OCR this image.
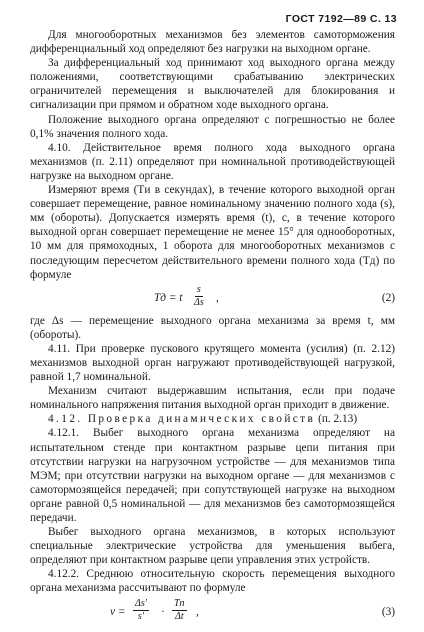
ГОСТ 7192—89 С. 13

Для многооборотных механизмов без элементов самоторможения дифференциальный ход определяют без нагрузки на выходном органе.

За дифференциальный ход принимают ход выходного органа между положениями, соответствующими срабатыванию электрических ограничителей перемещения и выключателей для блокирования и сигнализации при прямом и обратном ходе выходного органа.

Положение выходного органа определяют с погрешностью не более 0,1% значения полного хода.

4.10. Действительное время полного хода выходного органа механизмов (п. 2.11) определяют при номинальной противодействующей нагрузке на выходном органе.

Измеряют время (Tи в секундах), в течение которого выходной орган совершает перемещение, равное номинальному значению полного хода (s), мм (обороты). Допускается измерять время (t), с, в течение которого выходной орган совершает перемещение не менее 15° для однооборотных, 10 мм для прямоходных, 1 оборота для многооборотных механизмов с последующим пересчетом действительного времени полного хода (Tд) по формуле

Tд = t $\frac{s}{\Delta s}$ ,	(2)

где Δs — перемещение выходного органа механизма за время t, мм (обороты).

4.11. При проверке пускового крутящего момента (усилия) (п. 2.12) механизмов выходной орган нагружают противодействующей нагрузкой, равной 1,7 номинальной.

Механизм считают выдержавшим испытания, если при подаче номинального напряжения питания выходной орган приходит в движение.

4.12. Проверка динамических свойств (п. 2.13)

4.12.1. Выбег выходного органа механизма определяют на испытательном стенде при контактном разрыве цепи питания при отсутствии нагрузки на нагрузочном устройстве — для механизмов типа МЭМ; при отсутствии нагрузки на выходном органе — для механизмов с самотормозящейся передачей; при сопутствующей нагрузке на выходном органе равной 0,5 номинальной — для механизмов без самотормозящейся передачи.

Выбег выходного органа механизмов, в которых используют специальные электрические устройства для уменьшения выбега, определяют при контактном разрыве цепи управления этих устройств.

4.12.2. Среднюю относительную скорость перемещения выходного органа механизма рассчитывают по формуле

$v = \frac{\Delta s'}{s'}$ ·
Tп
Δt ,	(3)
